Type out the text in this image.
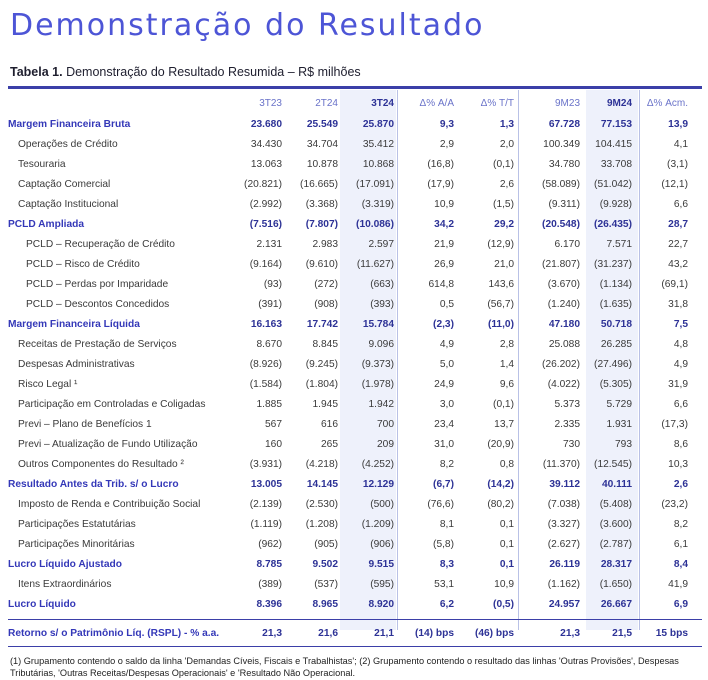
Demonstração do Resultado
Tabela 1. Demonstração do Resultado Resumida – R$ milhões
	3T23	2T24	3T24	Δ% A/A	Δ% T/T	9M23	9M24	Δ% Acm.
Margem Financeira Bruta	23.680	25.549	25.870	9,3	1,3	67.728	77.153	13,9
Operações de Crédito	34.430	34.704	35.412	2,9	2,0	100.349	104.415	4,1
Tesouraria	13.063	10.878	10.868	(16,8)	(0,1)	34.780	33.708	(3,1)
Captação Comercial	(20.821)	(16.665)	(17.091)	(17,9)	2,6	(58.089)	(51.042)	(12,1)
Captação Institucional	(2.992)	(3.368)	(3.319)	10,9	(1,5)	(9.311)	(9.928)	6,6
PCLD Ampliada	(7.516)	(7.807)	(10.086)	34,2	29,2	(20.548)	(26.435)	28,7
PCLD – Recuperação de Crédito	2.131	2.983	2.597	21,9	(12,9)	6.170	7.571	22,7
PCLD – Risco de Crédito	(9.164)	(9.610)	(11.627)	26,9	21,0	(21.807)	(31.237)	43,2
PCLD – Perdas por Imparidade	(93)	(272)	(663)	614,8	143,6	(3.670)	(1.134)	(69,1)
PCLD – Descontos Concedidos	(391)	(908)	(393)	0,5	(56,7)	(1.240)	(1.635)	31,8
Margem Financeira Líquida	16.163	17.742	15.784	(2,3)	(11,0)	47.180	50.718	7,5
Receitas de Prestação de Serviços	8.670	8.845	9.096	4,9	2,8	25.088	26.285	4,8
Despesas Administrativas	(8.926)	(9.245)	(9.373)	5,0	1,4	(26.202)	(27.496)	4,9
Risco Legal ¹	(1.584)	(1.804)	(1.978)	24,9	9,6	(4.022)	(5.305)	31,9
Participação em Controladas e Coligadas	1.885	1.945	1.942	3,0	(0,1)	5.373	5.729	6,6
Previ – Plano de Benefícios 1	567	616	700	23,4	13,7	2.335	1.931	(17,3)
Previ – Atualização de Fundo Utilização	160	265	209	31,0	(20,9)	730	793	8,6
Outros Componentes do Resultado ²	(3.931)	(4.218)	(4.252)	8,2	0,8	(11.370)	(12.545)	10,3
Resultado Antes da Trib. s/ o Lucro	13.005	14.145	12.129	(6,7)	(14,2)	39.112	40.111	2,6
Imposto de Renda e Contribuição Social	(2.139)	(2.530)	(500)	(76,6)	(80,2)	(7.038)	(5.408)	(23,2)
Participações Estatutárias	(1.119)	(1.208)	(1.209)	8,1	0,1	(3.327)	(3.600)	8,2
Participações Minoritárias	(962)	(905)	(906)	(5,8)	0,1	(2.627)	(2.787)	6,1
Lucro Líquido Ajustado	8.785	9.502	9.515	8,3	0,1	26.119	28.317	8,4
Itens Extraordinários	(389)	(537)	(595)	53,1	10,9	(1.162)	(1.650)	41,9
Lucro Líquido	8.396	8.965	8.920	6,2	(0,5)	24.957	26.667	6,9

Retorno s/ o Patrimônio Líq. (RSPL) - % a.a.	21,3	21,6	21,1	(14) bps	(46) bps	21,3	21,5	15 bps
(1) Grupamento contendo o saldo da linha 'Demandas Cíveis, Fiscais e Trabalhistas'; (2) Grupamento contendo o resultado das linhas 'Outras Provisões', Despesas Tributárias, 'Outras Receitas/Despesas Operacionais' e 'Resultado Não Operacional.
